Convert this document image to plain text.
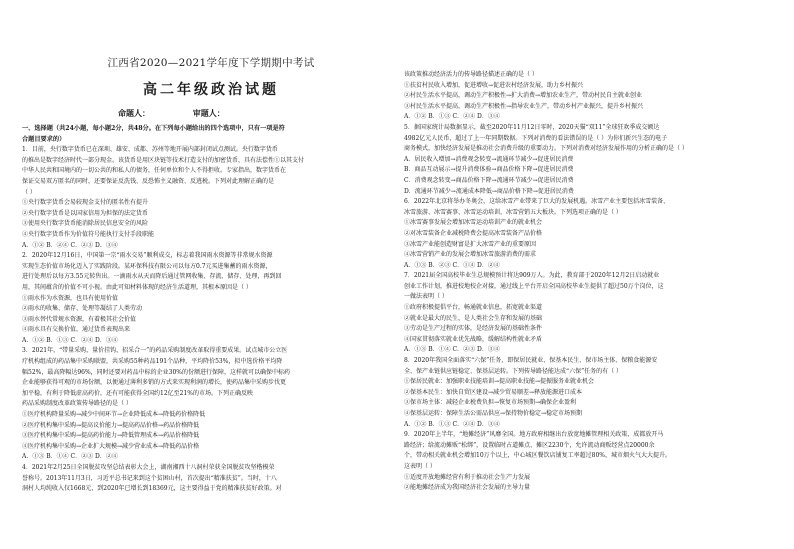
江西省2020—2021学年度下学期期中考试
高二年级政治试题
命题人：	审题人：
一、选择题（共24小题，每小题2分，共48分。在下列每小题给出的四个选项中，只有一项是符
合题目要求的）
1．目前，央行数字货币已在深圳、雄安、成都、苏州等地开展内部封闭试点测试。央行数字货币
的推出是数字经济时代一部分现金。该货币是用区块链等技术打造支付的加密货币，具有法偿性①以其支付
中华人民共和国境内的一切公共的和私人的债务，任何单位和个人不得拒收。专家指出，数字货币在
保证交易双方匿名的同时，还要保证反洗钱、反恐怖主义融资、反逃税。下列对此理解正确的是
（ ）
①央行数字货币会易较现金支付的匿名性有提升
②央行数字货币是以国家信用为担保的法定货币
③使用央行数字货币能消除居民信息安全的风险
④央行数字货币作为价值符号能执行支付手段职能
A．①② B．②④ C．②③ D．③④
2．2020年12月16日，中国第一宗“雨水交易”顺利成交，标志着我国雨水资源等非常规水资源
实现生态价值市场化迈入了实践阶段。某环保科技有限公司以每方0.7元买进集蓄的雨水资源，
进行处理后以每方3.55元转售出。一滴雨水从天而降后通过管网收集、存流、储存、处理，再到回
用，其间蕴含的价值不可小视。由此可知材料体现的经济生活道理，其根本原因是（ ）
①雨水作为水资源，也具有使用价值
②雨水的收集、储存、处理等凝结了人类劳动
③雨水替代常规水资源，有着极其社会价值
④雨水具有交换价值，通过货币表现出来
A．①② B．①③ C．②④ D．③④
3．2021年，“带量采购，量价挂钩，招采合一”的药品采购制度改革取得重要成果。试点城市公立医
疗机构组成的药品集中采购联盟，共采购55种药品191个品种，平均降价53%，拟中选价格平均降
幅52%，最高降幅达96%，同时还要对药品中标的企业30%的份额进行保障，这样就可以确保中标药
企业能够获得可观的市场份额，以便通过薄利多销的方式来实现利润的增长，使药品集中采购步伐更
加平稳，有利于降低虚高药价，还有可能获得全国约12亿至21%的市场。下列正确反映
药品采购制度改革政策传导路径的是（ ）
①医疗机构降量采购→减少中间环节→企业降低成本→降低药价格降低
②医疗机构集中采购→提高议价能力→提高药品价格→药品价格降低
③医疗机构集中采购→提高药价能力→降低管理成本→药品价格降低
④医疗机构集中采购→企业扩大规模→减少营业成本→降低药品价格
A．①③ B．①④ C．②③ D．②④
4．2021年2月25日全国脱贫攻坚总结表彰大会上，湖南湘西十八洞村荣获全国脱贫攻坚楷模荣
誉称号。2013年11月3日，习近平总书记来到这个贫困山村，首次提出“精准扶贫”。当时，十八
洞村人均纯收入仅1668元，到2020年已增长到18369元，这主要得益于党的精准扶贫好政策。对
该政策推动经济活力的传导路径描述正确的是（ ）
①扶贫村民收入增加，促进增收→促进农村经济发展，助力乡村振兴
②村民生活水平提高，调动生产积极性→扩大消费→增加农业生产，带动村民自主就业创业
③村民生活水平提高，调动生产积极性→指导农业生产，带动乡村产业振兴，提升乡村振兴
A．①② B．①③ C．②④ D．③④
5．据国家统计局数据显示，截至2020年11月12日零时，2020天猫“双11”全球狂欢季成交额达
4982亿元人民币，超过了上一年同期数据。下列对消费的看法错误的是（ ）为你们新兴生态的电子
商务模式，加快经济发展是推动社会消费升级的重要动力。下列对消费对经济发展作用的分析正确的是（ ）
A．居民收入增加→消费观念转变→流通环节减少→促进居民消费
B．商品互动展示→提升消费体验→商品价格下降→促进居民消费
C．消费观念转变→商品价格下降→流通环节减少→促进居民消费
D．流通环节减少→流通成本降低→商品价格下降→促进居民消费
6．2022年北京将举办冬奥会，这给冰雪产业带来了巨大的发展机遇。冰雪产业主要包括冰雪装备、
冰雪旅游、冰雪赛事、冰雪运动培训、冰雪营销五大板块。下列选项正确的是（ ）
①冰雪赛事发展会增加冰雪运动培训产业的就业机会
②对冰雪装备企业减税降费会提高冰雪装备产品价格
③冰雪产业能创造财富是扩大冰雪产业的重要原因
④冰雪营销产业的发展会增加冰雪旅游消费的需求
A．①③ B．②③ C．①④ D．②④
7．2021届全国高校毕业生总规模预计将达909万人。为此，教育部于2020年12月2日启动就业
创业工作计划，推进校地校企对接，通过线上平台开启全国高校毕业生提供了超过50万个岗位，这
一做法表明（ ）
①政府积极提倡平台，畅通就业信息，拓宽就业渠道
②就业是最大的民生，是人类社会生存和发展的基础
③劳动是生产过程的实体，是经济发展的基础性条件
④国家贯彻落实就业优先战略，缓解结构性就业矛盾
A．①③ B．①④ C．②③ D．③④
8．2020年我国全面落实“六保”任务，即保居民就业、保基本民生、保市场主体、保粮食能源安
全、保产业链供应链稳定、保基层运转。下列传导路径能达成“六保”任务的有（ ）
①保居民就业：加强职业技能培训→提高职业技能→提振服务业就业机会
②保基本民生：加快自贸区建设→减少贸易顺差→释放能源进口成本
③保市场主体：减轻企业税费负担→恢复市场预期→确保企业盈利
④保基层运转：保障生活公需品供应→保持物价稳定→稳定市场预期
A．①② B．①③ C．②④ D．③④
9．2020年上半年，“地摊经济”风靡全国。地方政府相继出台放宽地摊管理相关政策，成都放开马
路经济；给流动摊贩“松绑”，设置临时占道摊点、摊区2230个，允许流动商贩经营点20000余
个，带动相关就业机会增加10万个以上，中心城区餐饮店铺复工率超过80%，城市烟火气大大提升。
这表明（ ）
①适度开放地摊经营有利于推动社会生产力发展
②能地摊经济成为我国经济社会发展的主导力量
